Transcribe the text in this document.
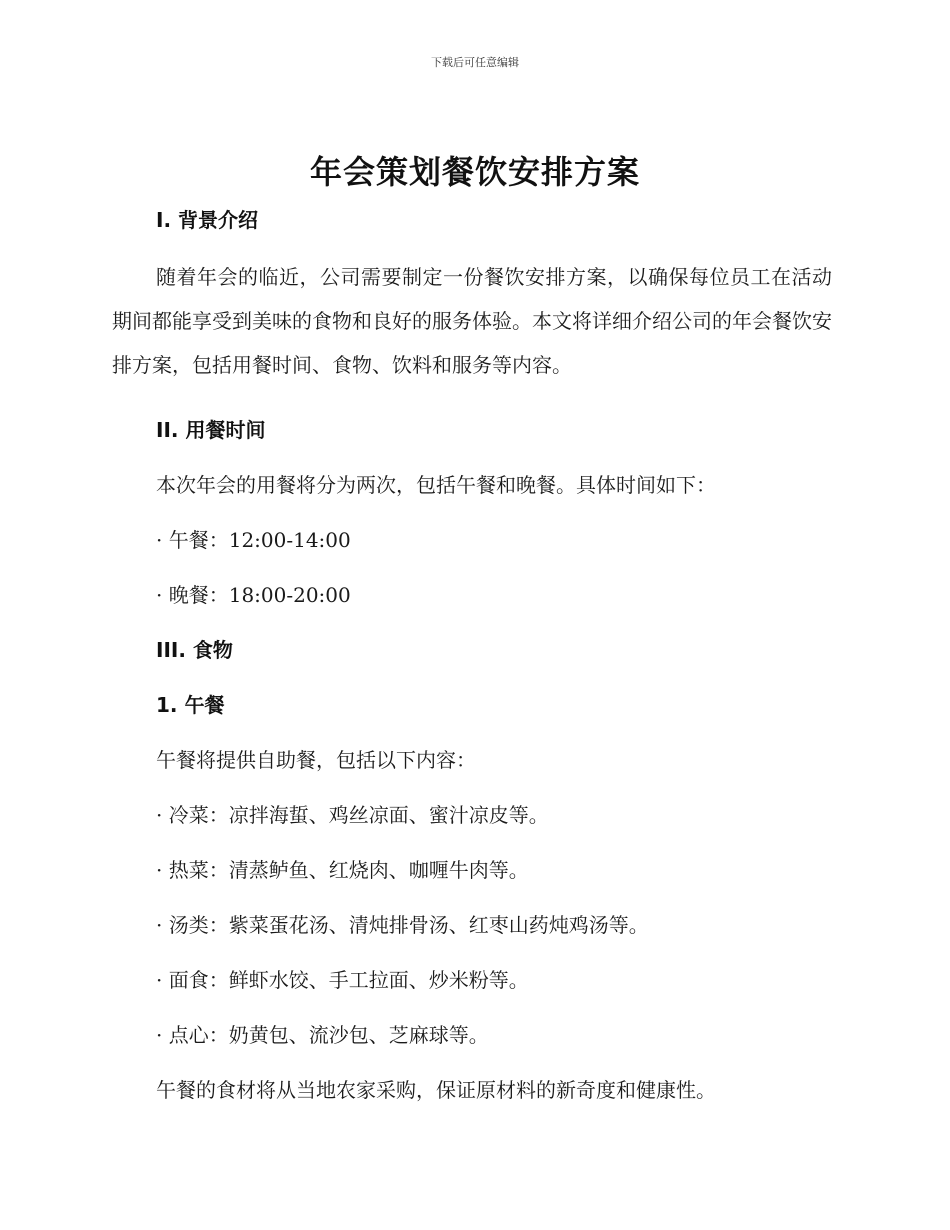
下载后可任意编辑
年会策划餐饮安排方案
I. 背景介绍

随着年会的临近，公司需要制定一份餐饮安排方案，以确保每位员工在活动期间都能享受到美味的食物和良好的服务体验。本文将详细介绍公司的年会餐饮安排方案，包括用餐时间、食物、饮料和服务等内容。

II. 用餐时间

本次年会的用餐将分为两次，包括午餐和晚餐。具体时间如下：

· 午餐：12:00-14:00

· 晚餐：18:00-20:00

III. 食物
1. 午餐

午餐将提供自助餐，包括以下内容：

· 冷菜：凉拌海蜇、鸡丝凉面、蜜汁凉皮等。

· 热菜：清蒸鲈鱼、红烧肉、咖喱牛肉等。

· 汤类：紫菜蛋花汤、清炖排骨汤、红枣山药炖鸡汤等。

· 面食：鲜虾水饺、手工拉面、炒米粉等。

· 点心：奶黄包、流沙包、芝麻球等。

午餐的食材将从当地农家采购，保证原材料的新奇度和健康性。
